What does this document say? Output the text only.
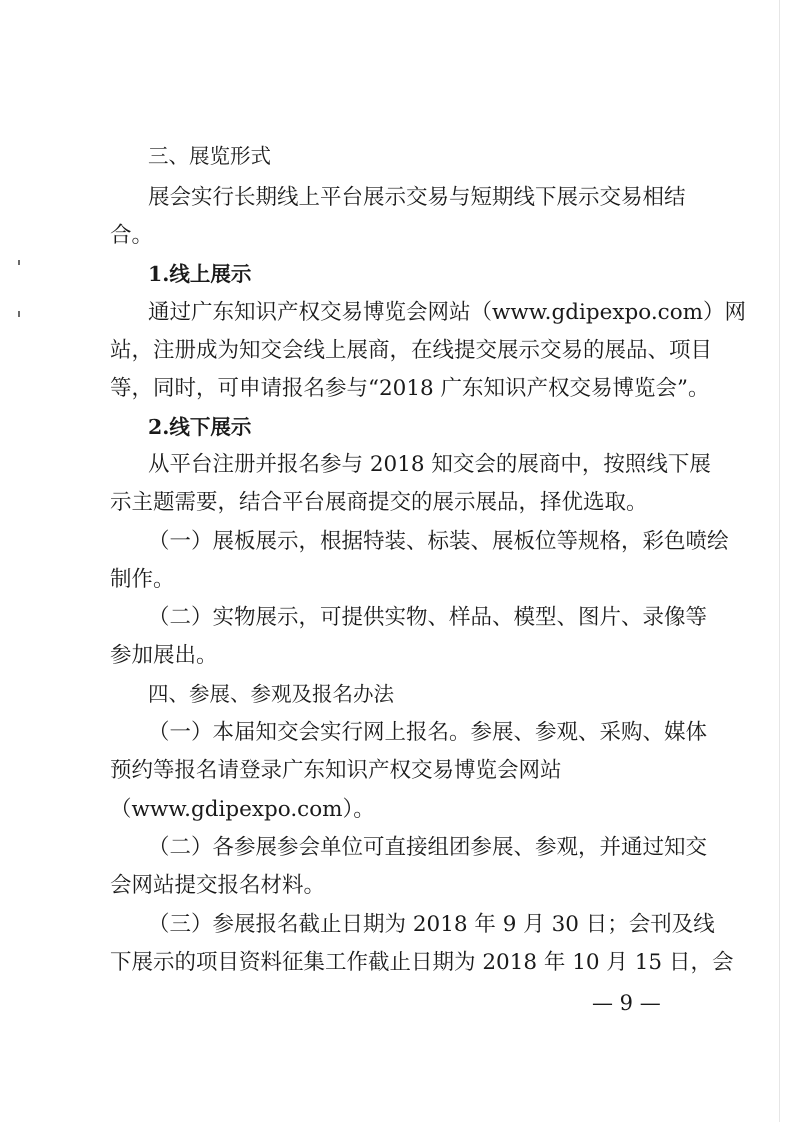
三、展览形式
展会实行长期线上平台展示交易与短期线下展示交易相结
合。
1.线上展示
通过广东知识产权交易博览会网站（www.gdipexpo.com）网
站，注册成为知交会线上展商，在线提交展示交易的展品、项目
等，同时，可申请报名参与“2018 广东知识产权交易博览会”。
2.线下展示
从平台注册并报名参与 2018 知交会的展商中，按照线下展
示主题需要，结合平台展商提交的展示展品，择优选取。
（一）展板展示，根据特装、标装、展板位等规格，彩色喷绘
制作。
（二）实物展示，可提供实物、样品、模型、图片、录像等
参加展出。
四、参展、参观及报名办法
（一）本届知交会实行网上报名。参展、参观、采购、媒体
预约等报名请登录广东知识产权交易博览会网站
（www.gdipexpo.com）。
（二）各参展参会单位可直接组团参展、参观，并通过知交
会网站提交报名材料。
（三）参展报名截止日期为 2018 年 9 月 30 日；会刊及线
下展示的项目资料征集工作截止日期为 2018 年 10 月 15 日，会
— 9 —
